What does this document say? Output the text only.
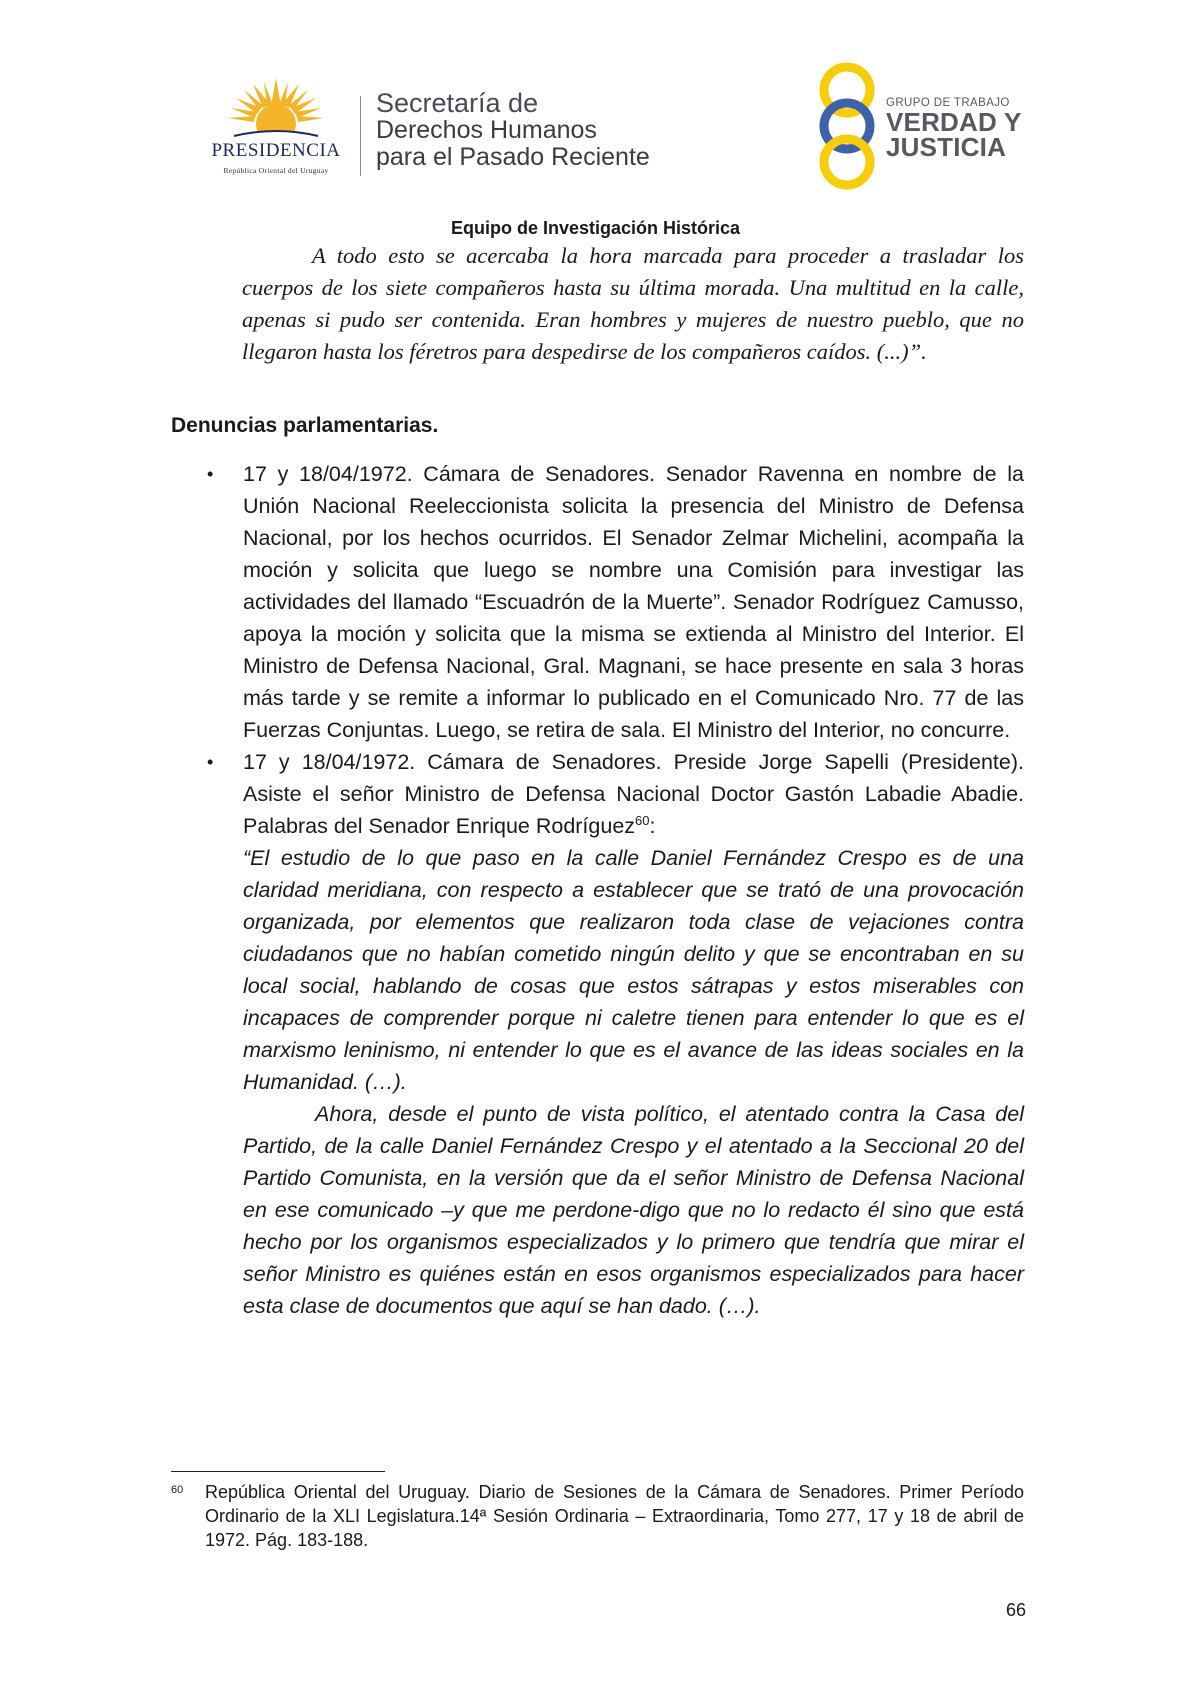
PRESIDENCIA
República Oriental del Uruguay
Secretaría de
Derechos Humanos
para el Pasado Reciente
GRUPO DE TRABAJO
VERDAD Y
JUSTICIA
Equipo de Investigación Histórica

A todo esto se acercaba la hora marcada para proceder a trasladar los cuerpos de los siete compañeros hasta su última morada. Una multitud en la calle, apenas si pudo ser contenida. Eran hombres y mujeres de nuestro pueblo, que no llegaron hasta los féretros para despedirse de los compañeros caídos. (...)”.

Denuncias parlamentarias.
• 17 y 18/04/1972. Cámara de Senadores. Senador Ravenna en nombre de la Unión Nacional Reeleccionista solicita la presencia del Ministro de Defensa Nacional, por los hechos ocurridos. El Senador Zelmar Michelini, acompaña la moción y solicita que luego se nombre una Comisión para investigar las actividades del llamado “Escuadrón de la Muerte”. Senador Rodríguez Camusso, apoya la moción y solicita que la misma se extienda al Ministro del Interior. El Ministro de Defensa Nacional, Gral. Magnani, se hace presente en sala 3 horas más tarde y se remite a informar lo publicado en el Comunicado Nro. 77 de las Fuerzas Conjuntas. Luego, se retira de sala. El Ministro del Interior, no concurre.

• 17 y 18/04/1972. Cámara de Senadores. Preside Jorge Sapelli (Presidente). Asiste el señor Ministro de Defensa Nacional Doctor Gastón Labadie Abadie. Palabras del Senador Enrique Rodríguez$^{60}$:

“El estudio de lo que paso en la calle Daniel Fernández Crespo es de una claridad meridiana, con respecto a establecer que se trató de una provocación organizada, por elementos que realizaron toda clase de vejaciones contra ciudadanos que no habían cometido ningún delito y que se encontraban en su local social, hablando de cosas que estos sátrapas y estos miserables con incapaces de comprender porque ni caletre tienen para entender lo que es el marxismo leninismo, ni entender lo que es el avance de las ideas sociales en la Humanidad. (…).

Ahora, desde el punto de vista político, el atentado contra la Casa del Partido, de la calle Daniel Fernández Crespo y el atentado a la Seccional 20 del Partido Comunista, en la versión que da el señor Ministro de Defensa Nacional en ese comunicado –y que me perdone-digo que no lo redacto él sino que está hecho por los organismos especializados y lo primero que tendría que mirar el señor Ministro es quiénes están en esos organismos especializados para hacer esta clase de documentos que aquí se han dado. (…).

60 República Oriental del Uruguay. Diario de Sesiones de la Cámara de Senadores. Primer Período Ordinario de la XLI Legislatura.14ª Sesión Ordinaria – Extraordinaria, Tomo 277, 17 y 18 de abril de 1972. Pág. 183-188.
66
